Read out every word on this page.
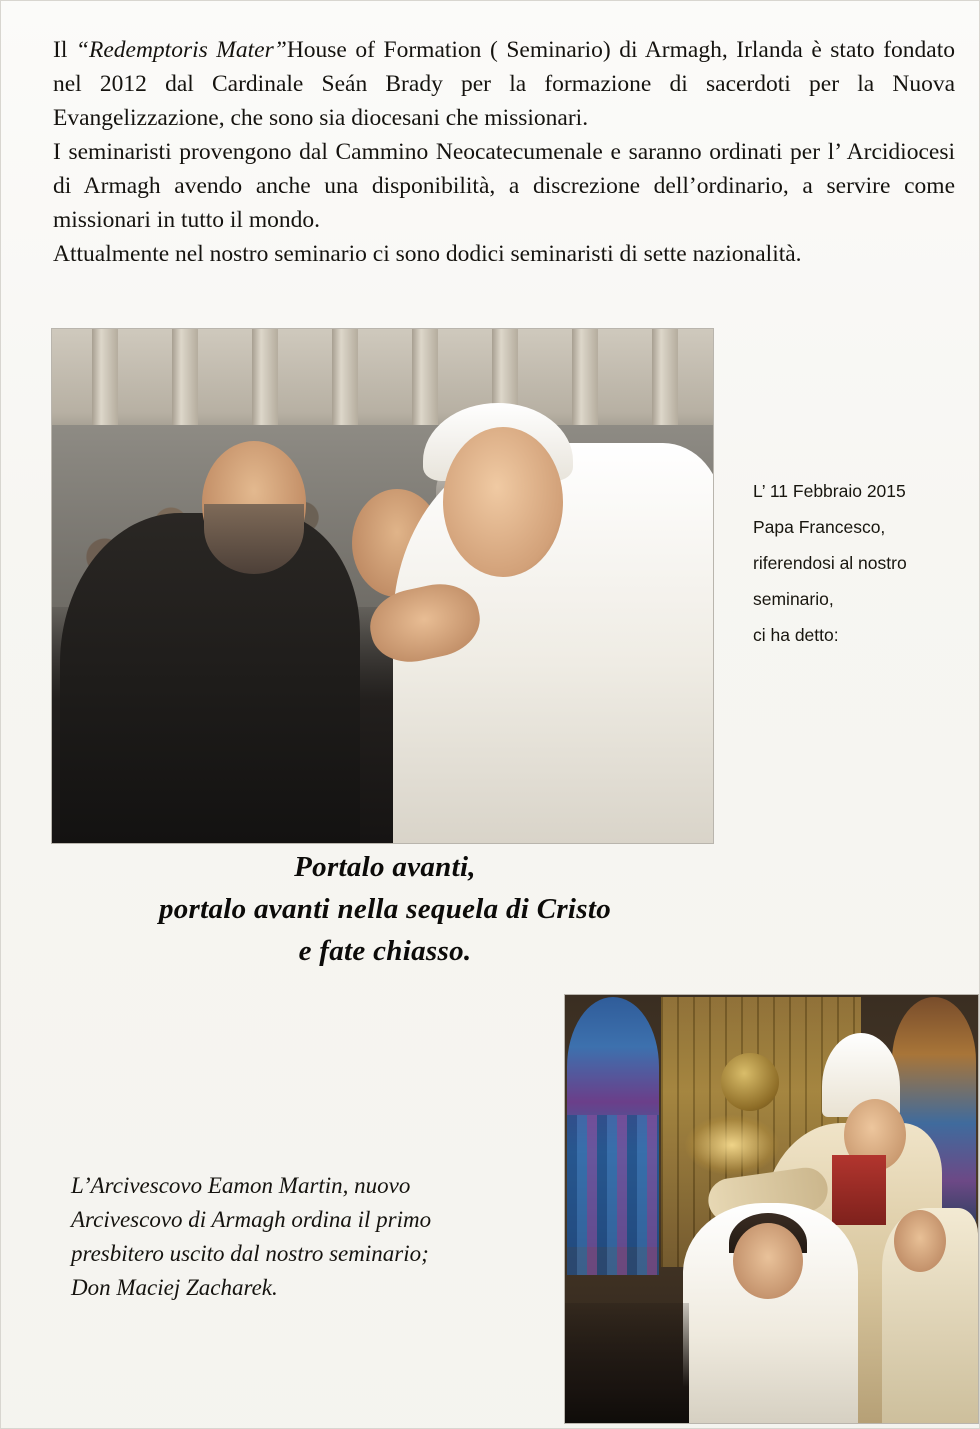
Il “Redemptoris Mater”House of Formation ( Seminario) di Armagh, Irlanda è stato fondato nel 2012 dal Cardinale Seán Brady per la formazione di sacerdoti per la Nuova Evangelizzazione, che sono sia diocesani che missionari.

I seminaristi provengono dal Cammino Neocatecumenale e saranno ordinati per l’ Arcidiocesi di Armagh avendo anche una disponibilità, a discrezione dell’ordinario, a servire come missionari in tutto il mondo.

Attualmente nel nostro seminario ci sono dodici seminaristi di sette nazionalità.

L’ 11 Febbraio 2015
Papa Francesco,
riferendosi al nostro
seminario,
ci ha detto:
Portalo avanti,
portalo avanti nella sequela di Cristo
e fate chiasso.

L’Arcivescovo Eamon Martin, nuovo

Arcivescovo di Armagh ordina il primo

presbitero uscito dal nostro seminario;

Don Maciej Zacharek.
